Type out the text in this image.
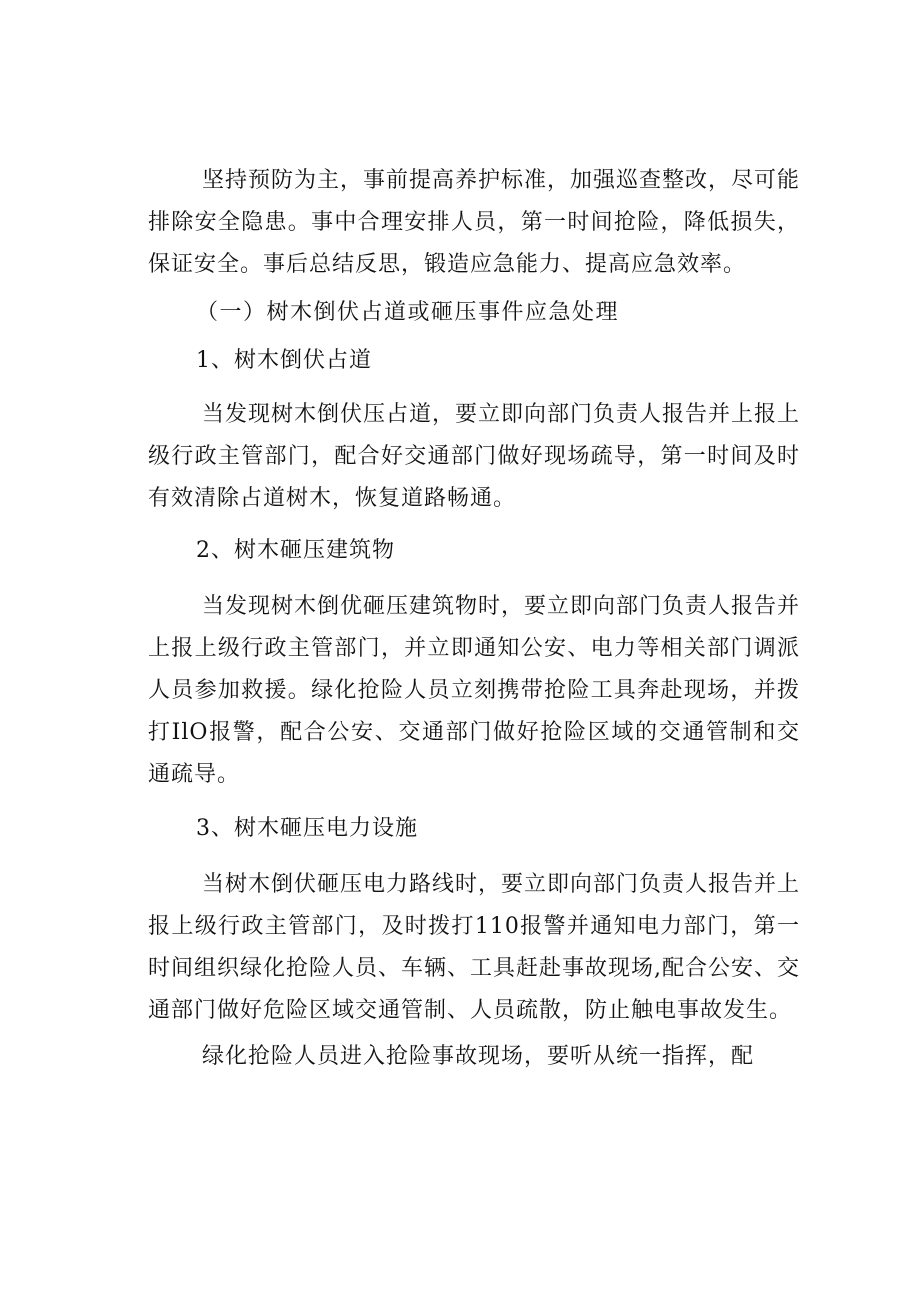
坚持预防为主，事前提高养护标准，加强巡查整改，尽可能排除安全隐患。事中合理安排人员，第一时间抢险，降低损失，保证安全。事后总结反思，锻造应急能力、提高应急效率。

（一）树木倒伏占道或砸压事件应急处理

1、树木倒伏占道

当发现树木倒伏压占道，要立即向部门负责人报告并上报上级行政主管部门，配合好交通部门做好现场疏导，第一时间及时有效清除占道树木，恢复道路畅通。

2、树木砸压建筑物

当发现树木倒优砸压建筑物时，要立即向部门负责人报告并上报上级行政主管部门，并立即通知公安、电力等相关部门调派人员参加救援。绿化抢险人员立刻携带抢险工具奔赴现场，并拨打IlO报警，配合公安、交通部门做好抢险区域的交通管制和交通疏导。

3、树木砸压电力设施

当树木倒伏砸压电力路线时，要立即向部门负责人报告并上报上级行政主管部门，及时拨打110报警并通知电力部门，第一时间组织绿化抢险人员、车辆、工具赶赴事故现场,配合公安、交通部门做好危险区域交通管制、人员疏散，防止触电事故发生。

绿化抢险人员进入抢险事故现场，要听从统一指挥，配
